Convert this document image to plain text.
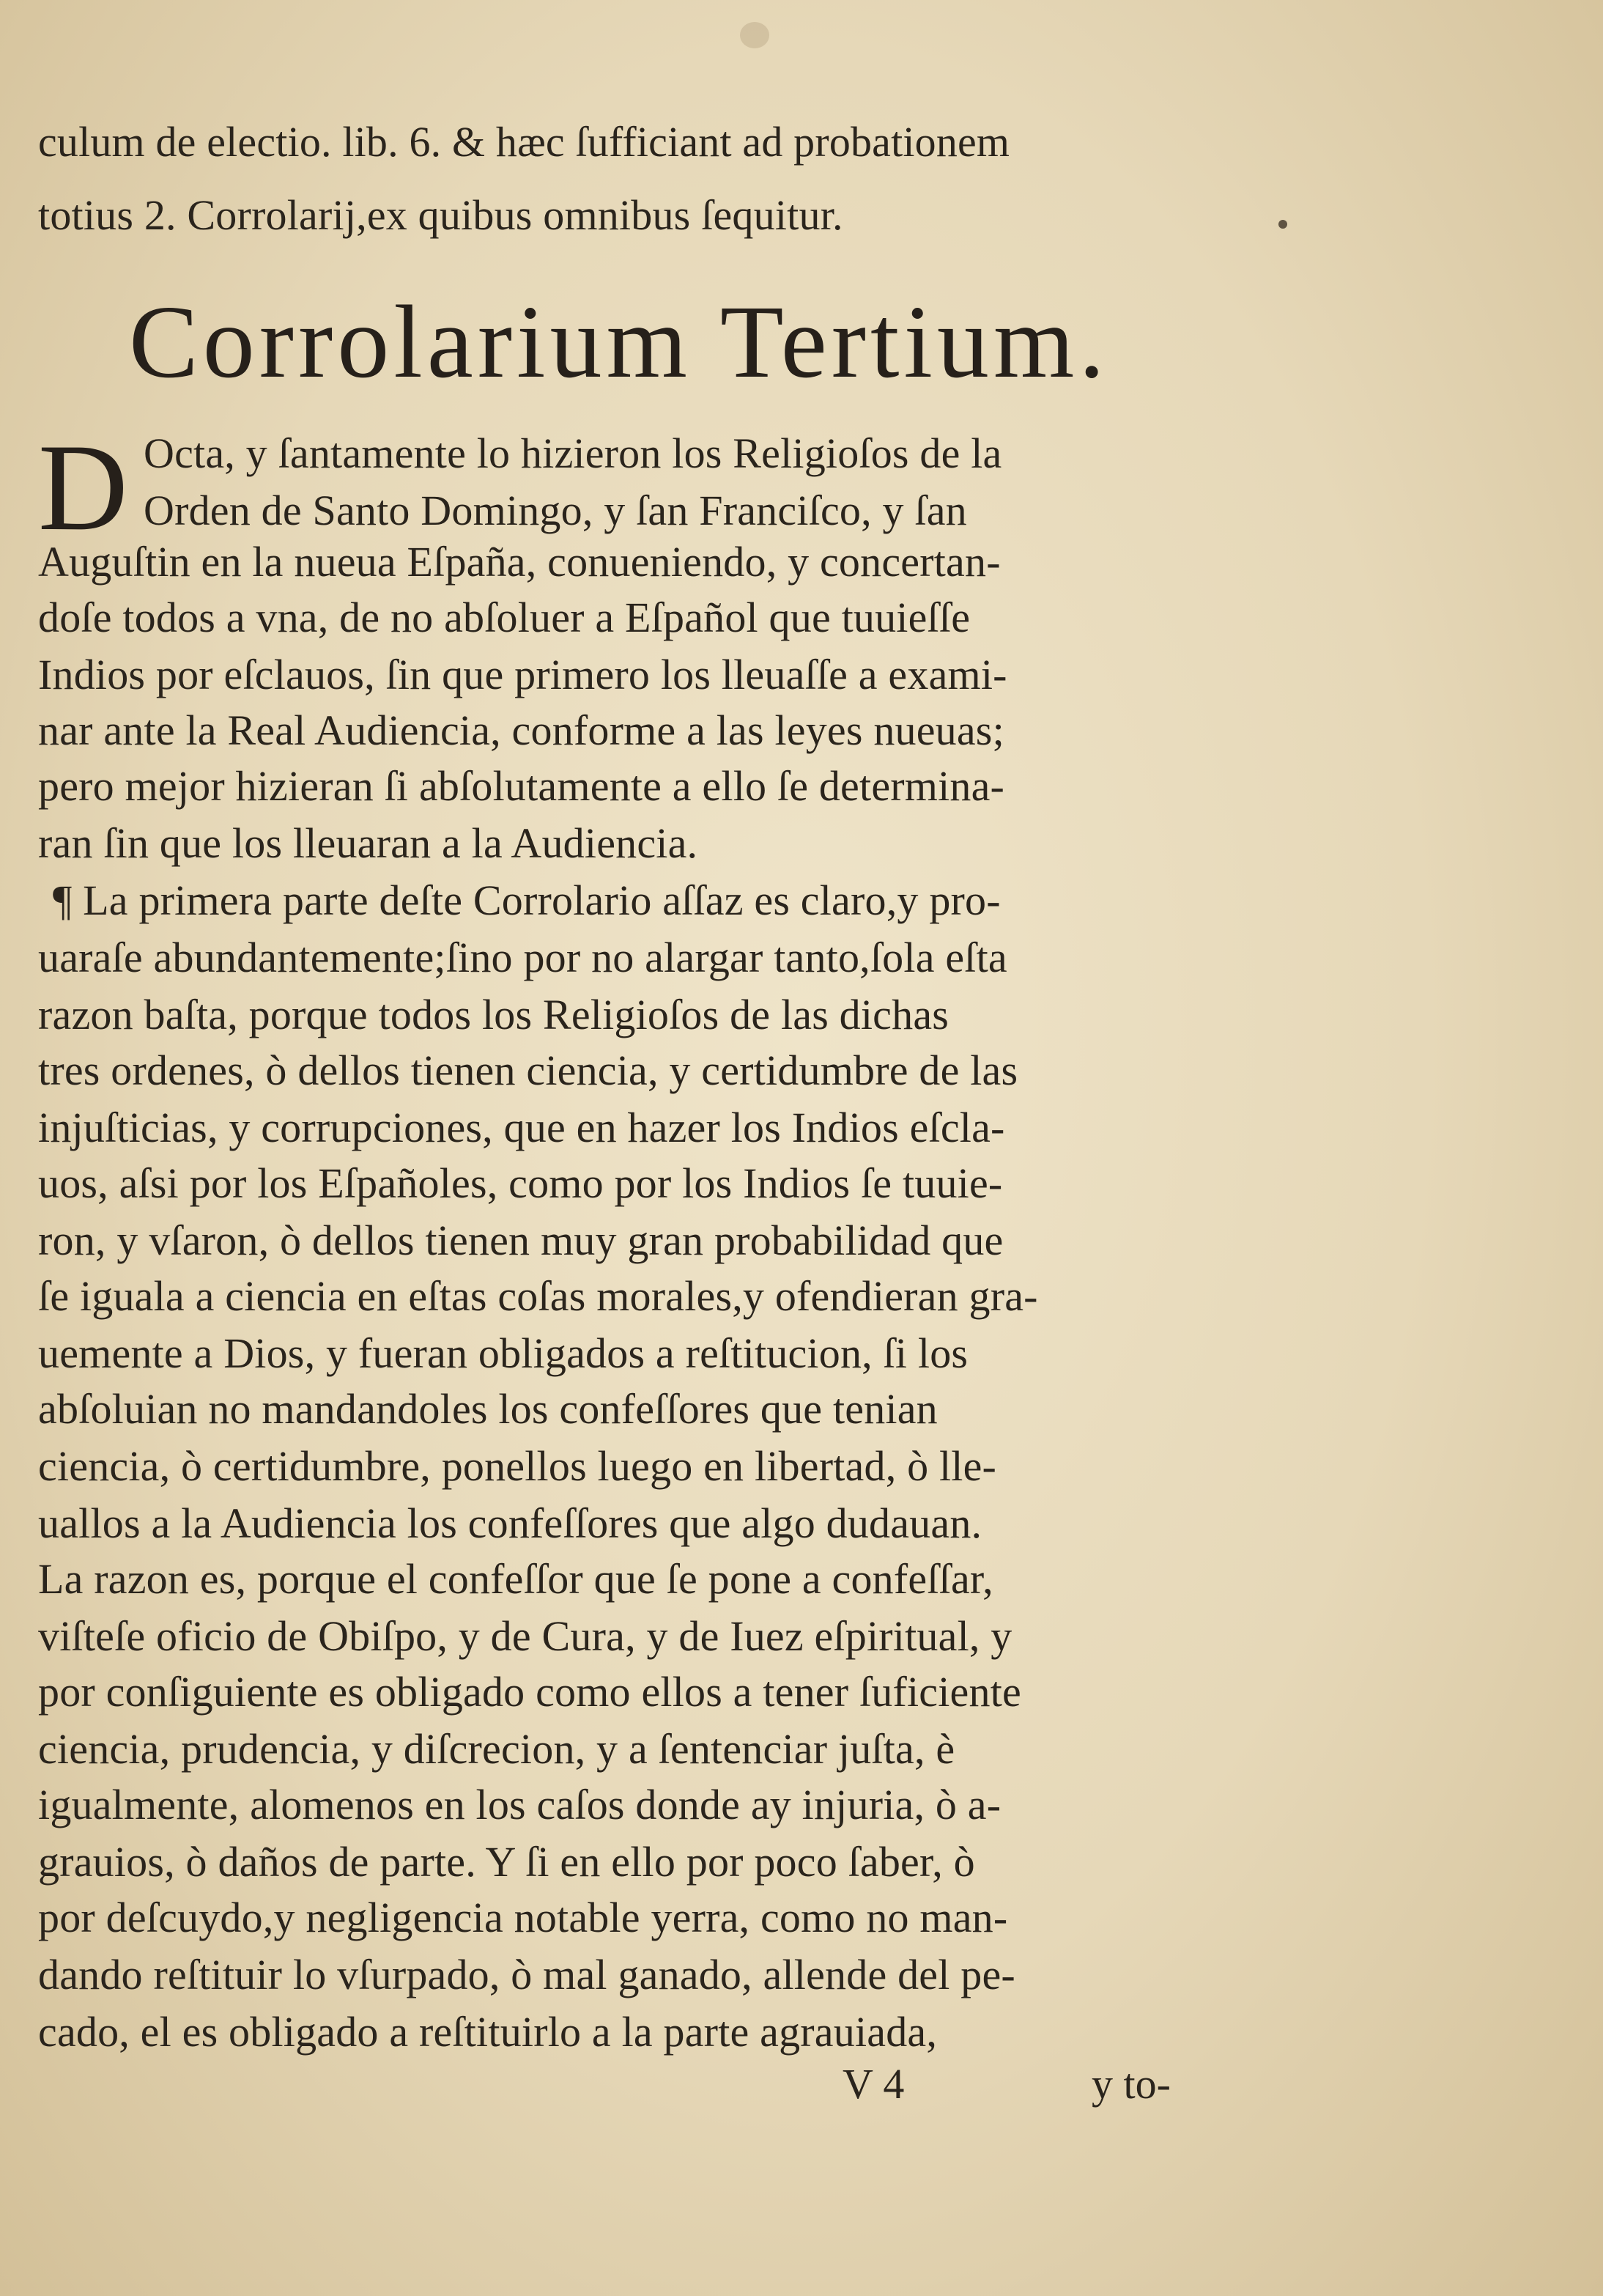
culum de electio. lib. 6. & hæc ſufficiant ad probationem
totius 2. Corrolarij,ex quibus omnibus ſequitur.
Corrolarium Tertium.
D Octa, y ſantamente lo hizieron los Religioſos de la
Orden de Santo Domingo, y ſan Franciſco, y ſan
Auguſtin en la nueua Eſpaña, conueniendo, y concertan-
doſe todos a vna, de no abſoluer a Eſpañol que tuuieſſe
Indios por eſclauos, ſin que primero los lleuaſſe a exami-
nar ante la Real Audiencia, conforme a las leyes nueuas;
pero mejor hizieran ſi abſolutamente a ello ſe determina-
ran ſin que los lleuaran a la Audiencia.
¶ La primera parte deſte Corrolario aſſaz es claro,y pro-
uaraſe abundantemente;ſino por no alargar tanto,ſola eſta
razon baſta, porque todos los Religioſos de las dichas
tres ordenes, ò dellos tienen ciencia, y certidumbre de las
injuſticias, y corrupciones, que en hazer los Indios eſcla-
uos, aſsi por los Eſpañoles, como por los Indios ſe tuuie-
ron, y vſaron, ò dellos tienen muy gran probabilidad que
ſe iguala a ciencia en eſtas coſas morales,y ofendieran gra-
uemente a Dios, y fueran obligados a reſtitucion, ſi los
abſoluian no mandandoles los confeſſores que tenian
ciencia, ò certidumbre, ponellos luego en libertad, ò lle-
uallos a la Audiencia los confeſſores que algo dudauan.
La razon es, porque el confeſſor que ſe pone a confeſſar,
viſteſe oficio de Obiſpo, y de Cura, y de Iuez eſpiritual, y
por conſiguiente es obligado como ellos a tener ſuficiente
ciencia, prudencia, y diſcrecion, y a ſentenciar juſta, è
igualmente, alomenos en los caſos donde ay injuria, ò a-
grauios, ò daños de parte. Y ſi en ello por poco ſaber, ò
por deſcuydo,y negligencia notable yerra, como no man-
dando reſtituir lo vſurpado, ò mal ganado, allende del pe-
cado, el es obligado a reſtituirlo a la parte agrauiada,
V 4	y to-
